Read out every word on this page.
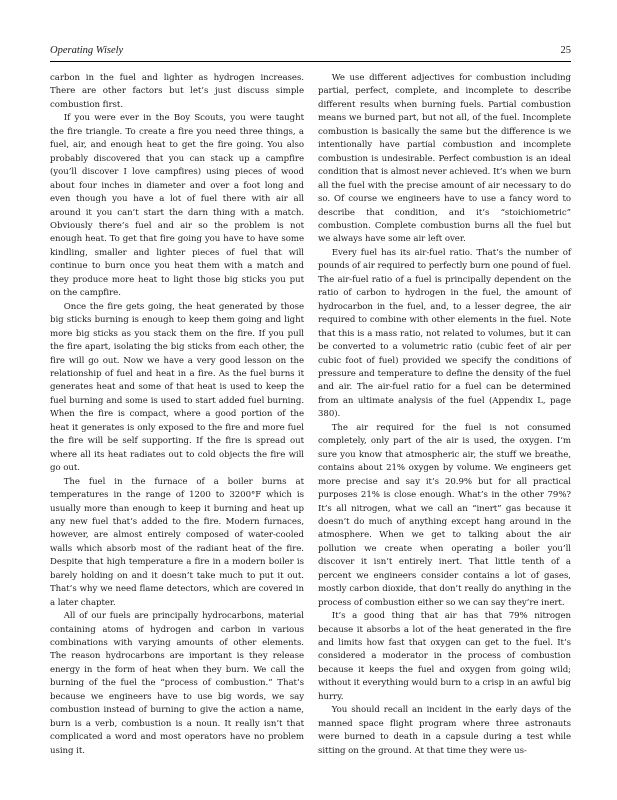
Operating Wisely	25

carbon in the fuel and lighter as hydrogen increases. There are other factors but let’s just discuss simple combustion first.

If you were ever in the Boy Scouts, you were taught the fire triangle. To create a fire you need three things, a fuel, air, and enough heat to get the fire going. You also probably discovered that you can stack up a campfire (you’ll discover I love campfires) using pieces of wood about four inches in diameter and over a foot long and even though you have a lot of fuel there with air all around it you can’t start the darn thing with a match. Obviously there’s fuel and air so the problem is not enough heat. To get that fire going you have to have some kindling, smaller and lighter pieces of fuel that will continue to burn once you heat them with a match and they produce more heat to light those big sticks you put on the campfire.

Once the fire gets going, the heat generated by those big sticks burning is enough to keep them going and light more big sticks as you stack them on the fire. If you pull the fire apart, isolating the big sticks from each other, the fire will go out. Now we have a very good lesson on the relationship of fuel and heat in a fire. As the fuel burns it generates heat and some of that heat is used to keep the fuel burning and some is used to start added fuel burning. When the fire is compact, where a good portion of the heat it generates is only exposed to the fire and more fuel the fire will be self supporting. If the fire is spread out where all its heat radiates out to cold objects the fire will go out.

The fuel in the furnace of a boiler burns at temperatures in the range of 1200 to 3200°F which is usually more than enough to keep it burning and heat up any new fuel that’s added to the fire. Modern furnaces, however, are almost entirely composed of water-cooled walls which absorb most of the radiant heat of the fire. Despite that high temperature a fire in a modern boiler is barely holding on and it doesn’t take much to put it out. That’s why we need flame detectors, which are covered in a later chapter.

All of our fuels are principally hydrocarbons, material containing atoms of hydrogen and carbon in various combinations with varying amounts of other elements. The reason hydrocarbons are important is they release energy in the form of heat when they burn. We call the burning of the fuel the “process of combustion.” That’s because we engineers have to use big words, we say combustion instead of burning to give the action a name, burn is a verb, combustion is a noun. It really isn’t that complicated a word and most operators have no problem using it.

We use different adjectives for combustion including partial, perfect, complete, and incomplete to describe different results when burning fuels. Partial combustion means we burned part, but not all, of the fuel. Incomplete combustion is basically the same but the difference is we intentionally have partial combustion and incomplete combustion is undesirable. Perfect combustion is an ideal condition that is almost never achieved. It’s when we burn all the fuel with the precise amount of air necessary to do so. Of course we engineers have to use a fancy word to describe that condition, and it’s “stoichiometric” combustion. Complete combustion burns all the fuel but we always have some air left over.

Every fuel has its air-fuel ratio. That’s the number of pounds of air required to perfectly burn one pound of fuel. The air-fuel ratio of a fuel is principally dependent on the ratio of carbon to hydrogen in the fuel, the amount of hydrocarbon in the fuel, and, to a lesser degree, the air required to combine with other elements in the fuel. Note that this is a mass ratio, not related to volumes, but it can be converted to a volumetric ratio (cubic feet of air per cubic foot of fuel) provided we specify the conditions of pressure and temperature to define the density of the fuel and air. The air-fuel ratio for a fuel can be determined from an ultimate analysis of the fuel (Appendix L, page 380).

The air required for the fuel is not consumed completely, only part of the air is used, the oxygen. I’m sure you know that atmospheric air, the stuff we breathe, contains about 21% oxygen by volume. We engineers get more precise and say it’s 20.9% but for all practical purposes 21% is close enough. What’s in the other 79%? It’s all nitrogen, what we call an “inert” gas because it doesn’t do much of anything except hang around in the atmosphere. When we get to talking about the air pollution we create when operating a boiler you’ll discover it isn’t entirely inert. That little tenth of a percent we engineers consider contains a lot of gases, mostly carbon dioxide, that don’t really do anything in the process of combustion either so we can say they’re inert.

It’s a good thing that air has that 79% nitrogen because it absorbs a lot of the heat generated in the fire and limits how fast that oxygen can get to the fuel. It’s considered a moderator in the process of combustion because it keeps the fuel and oxygen from going wild; without it everything would burn to a crisp in an awful big hurry.

You should recall an incident in the early days of the manned space flight program where three astronauts were burned to death in a capsule during a test while sitting on the ground. At that time they were us-
